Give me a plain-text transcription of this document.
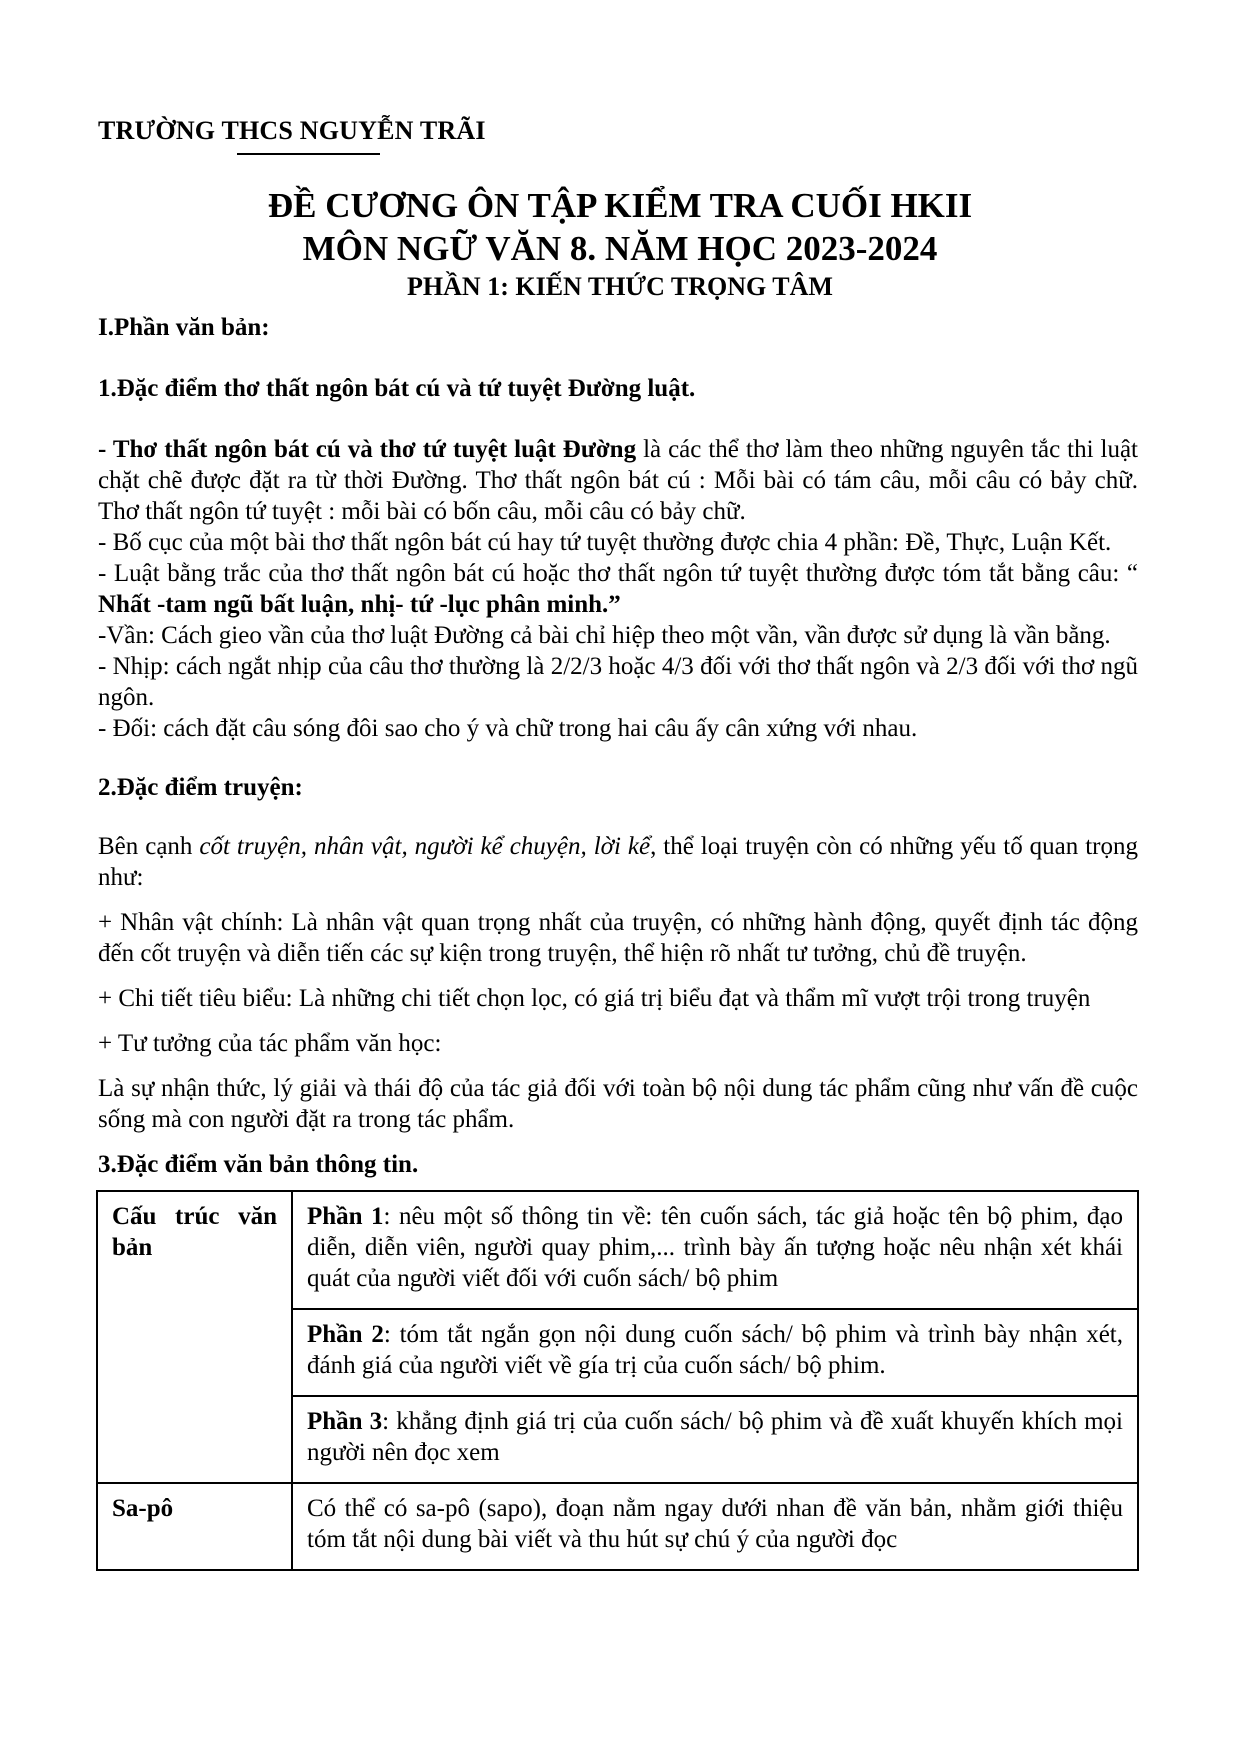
TRƯỜNG THCS NGUYỄN TRÃI
ĐỀ CƯƠNG ÔN TẬP KIỂM TRA CUỐI HKII
MÔN NGỮ VĂN 8. NĂM HỌC 2023-2024
PHẦN 1: KIẾN THỨC TRỌNG TÂM

I.Phần văn bản:

1.Đặc điểm thơ thất ngôn bát cú và tứ tuyệt Đường luật.

- Thơ thất ngôn bát cú và thơ tứ tuyệt luật Đường là các thể thơ làm theo những nguyên tắc thi luật chặt chẽ được đặt ra từ thời Đường. Thơ thất ngôn bát cú : Mỗi bài có tám câu, mỗi câu có bảy chữ. Thơ thất ngôn tứ tuyệt : mỗi bài có bốn câu, mỗi câu có bảy chữ.

- Bố cục của một bài thơ thất ngôn bát cú hay tứ tuyệt thường được chia 4 phần: Đề, Thực, Luận Kết.

- Luật bằng trắc của thơ thất ngôn bát cú hoặc thơ thất ngôn tứ tuyệt thường được tóm tắt bằng câu: “ Nhất -tam ngũ bất luận, nhị- tứ -lục phân minh.”

-Vần: Cách gieo vần của thơ luật Đường cả bài chỉ hiệp theo một vần, vần được sử dụng là vần bằng.

- Nhịp: cách ngắt nhịp của câu thơ thường là 2/2/3 hoặc 4/3 đối với thơ thất ngôn và 2/3 đối với thơ ngũ ngôn.

- Đối: cách đặt câu sóng đôi sao cho ý và chữ trong hai câu ấy cân xứng với nhau.

2.Đặc điểm truyện:

Bên cạnh cốt truyện, nhân vật, người kể chuyện, lời kể, thể loại truyện còn có những yếu tố quan trọng như:

+ Nhân vật chính: Là nhân vật quan trọng nhất của truyện, có những hành động, quyết định tác động đến cốt truyện và diễn tiến các sự kiện trong truyện, thể hiện rõ nhất tư tưởng, chủ đề truyện.

+ Chi tiết tiêu biểu: Là những chi tiết chọn lọc, có giá trị biểu đạt và thẩm mĩ vượt trội trong truyện

+ Tư tưởng của tác phẩm văn học:

Là sự nhận thức, lý giải và thái độ của tác giả đối với toàn bộ nội dung tác phẩm cũng như vấn đề cuộc sống mà con người đặt ra trong tác phẩm.

3.Đặc điểm văn bản thông tin.

Cấu trúc văn bản	Phần 1: nêu một số thông tin về: tên cuốn sách, tác giả hoặc tên bộ phim, đạo diễn, diễn viên, người quay phim,... trình bày ấn tượng hoặc nêu nhận xét khái quát của người viết đối với cuốn sách/ bộ phim
	Phần 2: tóm tắt ngắn gọn nội dung cuốn sách/ bộ phim và trình bày nhận xét, đánh giá của người viết về gía trị của cuốn sách/ bộ phim.
	Phần 3: khẳng định giá trị của cuốn sách/ bộ phim và đề xuất khuyến khích mọi người nên đọc xem
Sa-pô	Có thể có sa-pô (sapo), đoạn nằm ngay dưới nhan đề văn bản, nhằm giới thiệu tóm tắt nội dung bài viết và thu hút sự chú ý của người đọc
